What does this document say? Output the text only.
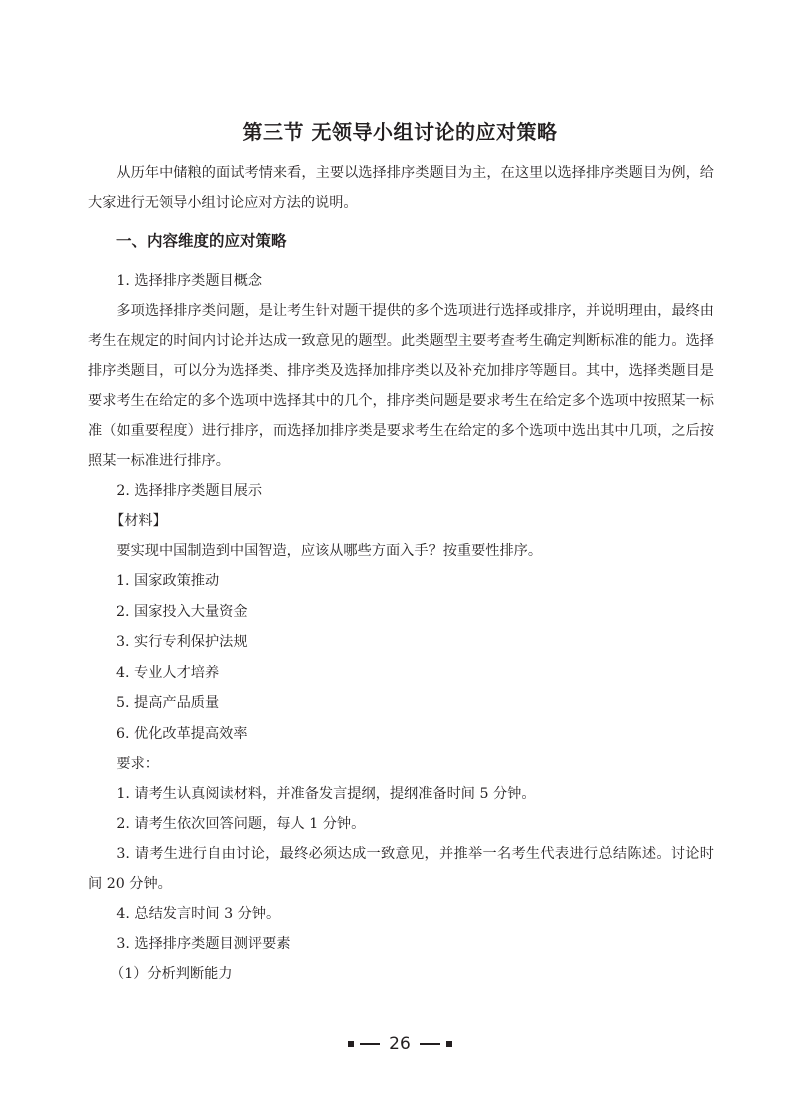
第三节 无领导小组讨论的应对策略

从历年中储粮的面试考情来看，主要以选择排序类题目为主，在这里以选择排序类题目为例，给大家进行无领导小组讨论应对方法的说明。

一、内容维度的应对策略

1. 选择排序类题目概念

多项选择排序类问题，是让考生针对题干提供的多个选项进行选择或排序，并说明理由，最终由考生在规定的时间内讨论并达成一致意见的题型。此类题型主要考查考生确定判断标准的能力。选择排序类题目，可以分为选择类、排序类及选择加排序类以及补充加排序等题目。其中，选择类题目是要求考生在给定的多个选项中选择其中的几个，排序类问题是要求考生在给定多个选项中按照某一标准（如重要程度）进行排序，而选择加排序类是要求考生在给定的多个选项中选出其中几项，之后按照某一标准进行排序。

2. 选择排序类题目展示

【材料】

要实现中国制造到中国智造，应该从哪些方面入手？按重要性排序。

1. 国家政策推动

2. 国家投入大量资金

3. 实行专利保护法规

4. 专业人才培养

5. 提高产品质量

6. 优化改革提高效率

要求：

1. 请考生认真阅读材料，并准备发言提纲，提纲准备时间 5 分钟。

2. 请考生依次回答问题，每人 1 分钟。

3. 请考生进行自由讨论，最终必须达成一致意见，并推举一名考生代表进行总结陈述。讨论时间 20 分钟。

4. 总结发言时间 3 分钟。

3. 选择排序类题目测评要素

（1）分析判断能力

26
